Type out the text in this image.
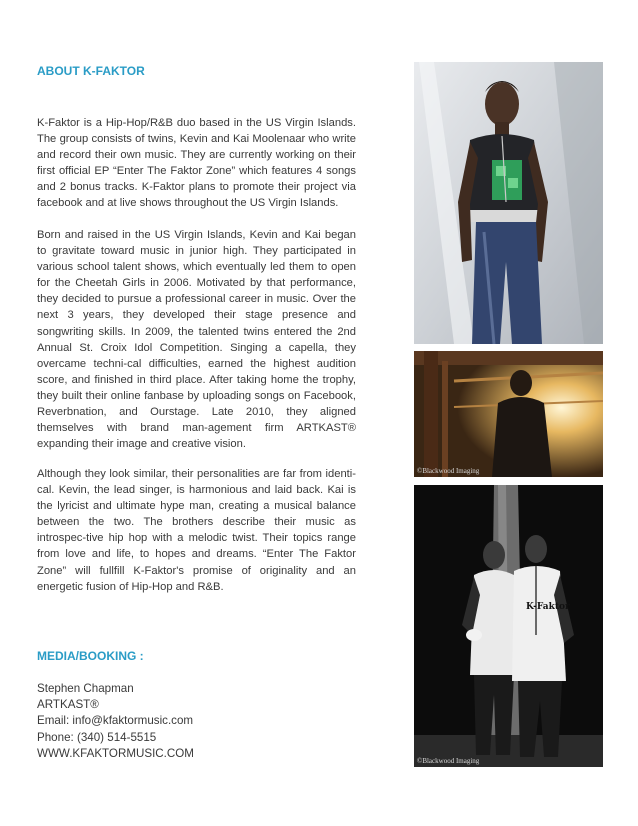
ABOUT K-FAKTOR

K-Faktor is a Hip-Hop/R&B duo based in the US Virgin Islands. The group consists of twins, Kevin and Kai Moolenaar who write and record their own music. They are currently working on their first official EP “Enter The Faktor Zone” which features 4 songs and 2 bonus tracks. K-Faktor plans to promote their project via facebook and at live shows throughout the US Virgin Islands.

Born and raised in the US Virgin Islands, Kevin and Kai began to gravitate toward music in junior high. They participated in various school talent shows, which eventually led them to open for the Cheetah Girls in 2006. Motivated by that performance, they decided to pursue a professional career in music. Over the next 3 years, they developed their stage presence and songwriting skills. In 2009, the talented twins entered the 2nd Annual St. Croix Idol Competition. Singing a capella, they overcame techni-cal difficulties, earned the highest audition score, and finished in third place. After taking home the trophy, they built their online fanbase by uploading songs on Facebook, Reverbnation, and Ourstage. Late 2010, they aligned themselves with brand man-agement firm ARTKAST® expanding their image and creative vision.

Although they look similar, their personalities are far from identi-cal. Kevin, the lead singer, is harmonious and laid back. Kai is the lyricist and ultimate hype man, creating a musical balance between the two. The brothers describe their music as introspec-tive hip hop with a melodic twist. Their topics range from love and life, to hopes and dreams. “Enter The Faktor Zone” will fullfill K-Faktor's promise of originality and an energetic fusion of Hip-Hop and R&B.

MEDIA/BOOKING :
Stephen Chapman
ARTKAST®
Email: info@kfaktormusic.com
Phone: (340) 514-5515
WWW.KFAKTORMUSIC.COM
©Blackwood Imaging
K-Faktor
©Blackwood Imaging
